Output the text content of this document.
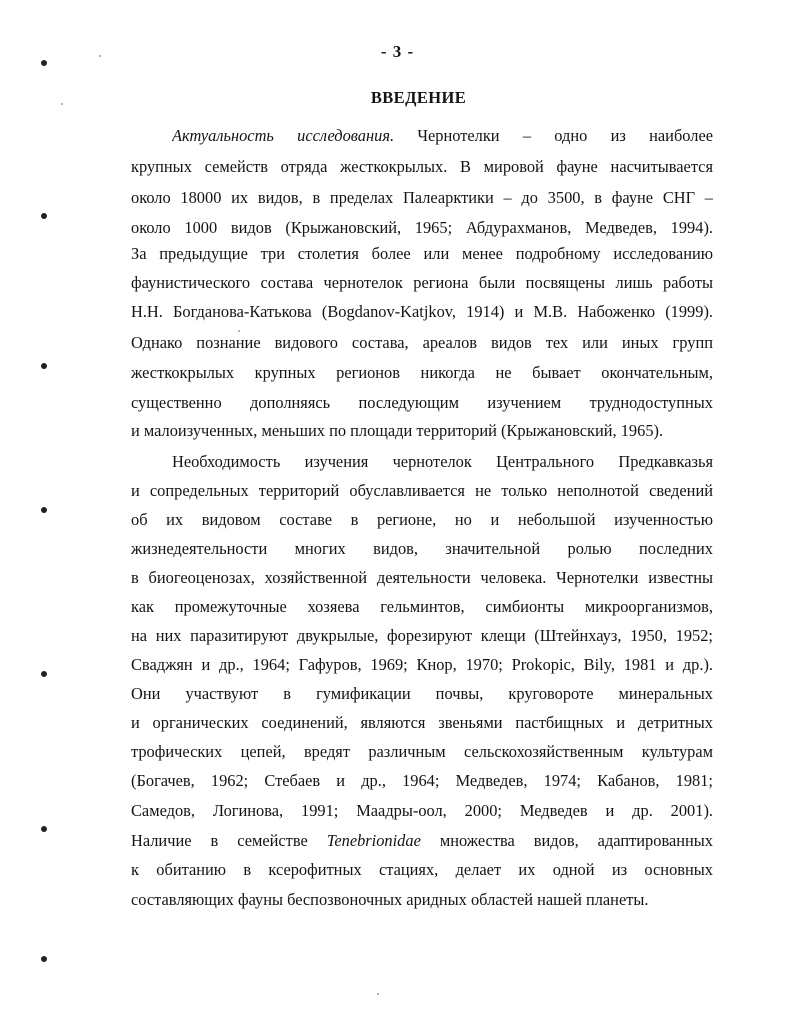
- 3 -
ВВЕДЕНИЕ
Актуальность исследования. Чернотелки – одно из наиболее
крупных семейств отряда жесткокрылых. В мировой фауне насчитывается
около 18000 их видов, в пределах Палеарктики – до 3500, в фауне СНГ –
около 1000 видов (Крыжановский, 1965; Абдурахманов, Медведев, 1994).
За предыдущие три столетия более или менее подробному исследованию
фаунистического состава чернотелок региона были посвящены лишь работы
Н.Н. Богданова-Катькова (Bogdanov-Katjkov, 1914) и М.В. Набоженко (1999).
Однако познание видового состава, ареалов видов тех или иных групп
жесткокрылых крупных регионов никогда не бывает окончательным,
существенно дополняясь последующим изучением труднодоступных
и малоизученных, меньших по площади территорий (Крыжановский, 1965).
Необходимость изучения чернотелок Центрального Предкавказья
и сопредельных территорий обуславливается не только неполнотой сведений
об их видовом составе в регионе, но и небольшой изученностью
жизнедеятельности многих видов, значительной ролью последних
в биогеоценозах, хозяйственной деятельности человека. Чернотелки известны
как промежуточные хозяева гельминтов, симбионты микроорганизмов,
на них паразитируют двукрылые, форезируют клещи (Штейнхауз, 1950, 1952;
Сваджян и др., 1964; Гафуров, 1969; Кнор, 1970; Prokopic, Bily, 1981 и др.).
Они участвуют в гумификации почвы, круговороте минеральных
и органических соединений, являются звеньями пастбищных и детритных
трофических цепей, вредят различным сельскохозяйственным культурам
(Богачев, 1962; Стебаев и др., 1964; Медведев, 1974; Кабанов, 1981;
Самедов, Логинова, 1991; Маадры-оол, 2000; Медведев и др. 2001).
Наличие в семействе Tenebrionidae множества видов, адаптированных
к обитанию в ксерофитных стациях, делает их одной из основных
составляющих фауны беспозвоночных аридных областей нашей планеты.
